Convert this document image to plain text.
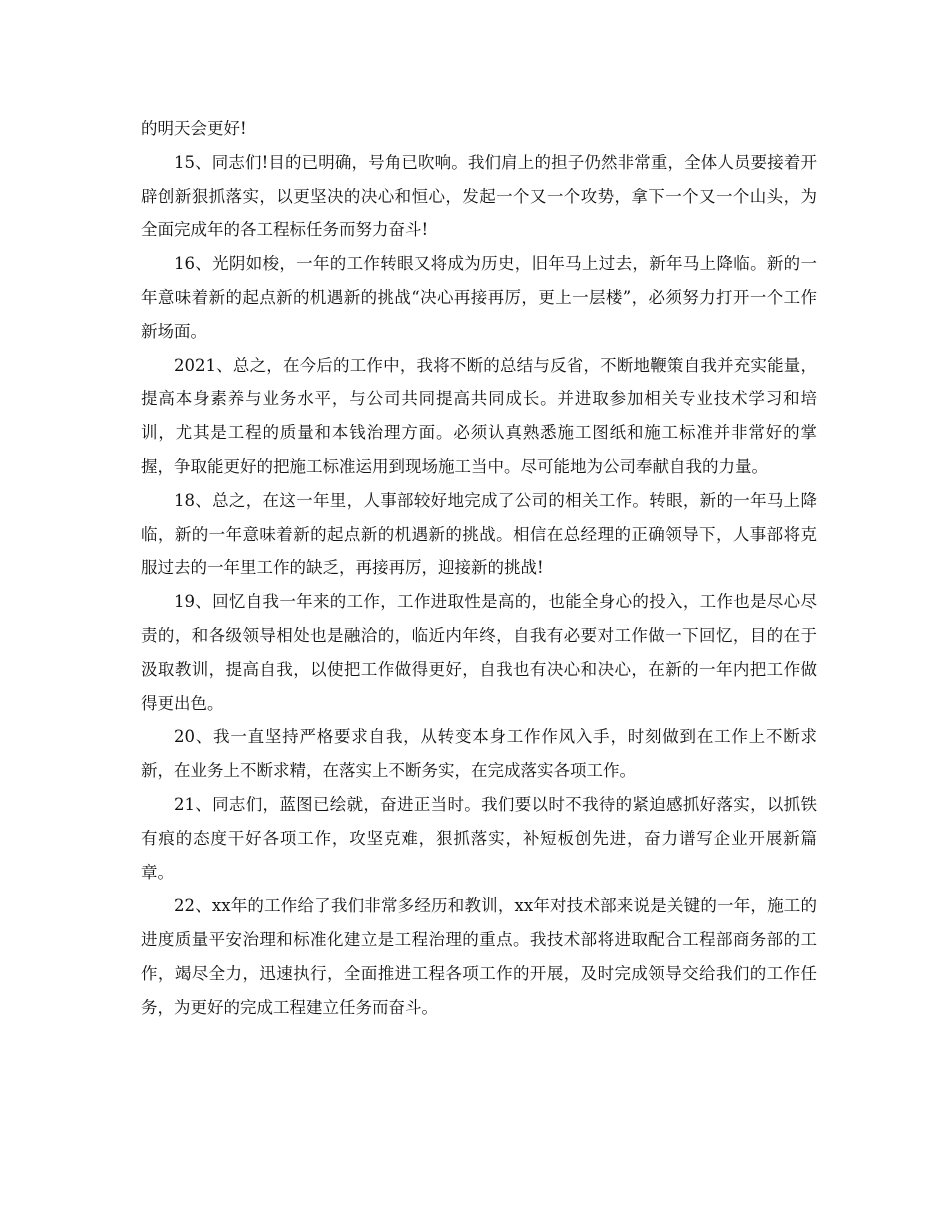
的明天会更好!

15、同志们!目的已明确，号角已吹响。我们肩上的担子仍然非常重，全体人员要接着开辟创新狠抓落实，以更坚决的决心和恒心，发起一个又一个攻势，拿下一个又一个山头，为全面完成年的各工程标任务而努力奋斗!

16、光阴如梭，一年的工作转眼又将成为历史，旧年马上过去，新年马上降临。新的一年意味着新的起点新的机遇新的挑战“决心再接再厉，更上一层楼”，必须努力打开一个工作新场面。

2021、总之，在今后的工作中，我将不断的总结与反省，不断地鞭策自我并充实能量，提高本身素养与业务水平，与公司共同提高共同成长。并进取参加相关专业技术学习和培训，尤其是工程的质量和本钱治理方面。必须认真熟悉施工图纸和施工标准并非常好的掌握，争取能更好的把施工标准运用到现场施工当中。尽可能地为公司奉献自我的力量。

18、总之，在这一年里，人事部较好地完成了公司的相关工作。转眼，新的一年马上降临，新的一年意味着新的起点新的机遇新的挑战。相信在总经理的正确领导下，人事部将克服过去的一年里工作的缺乏，再接再厉，迎接新的挑战!

19、回忆自我一年来的工作，工作进取性是高的，也能全身心的投入，工作也是尽心尽责的，和各级领导相处也是融洽的，临近内年终，自我有必要对工作做一下回忆，目的在于汲取教训，提高自我，以使把工作做得更好，自我也有决心和决心，在新的一年内把工作做得更出色。

20、我一直坚持严格要求自我，从转变本身工作作风入手，时刻做到在工作上不断求新，在业务上不断求精，在落实上不断务实，在完成落实各项工作。

21、同志们，蓝图已绘就，奋进正当时。我们要以时不我待的紧迫感抓好落实，以抓铁有痕的态度干好各项工作，攻坚克难，狠抓落实，补短板创先进，奋力谱写企业开展新篇章。

22、xx年的工作给了我们非常多经历和教训，xx年对技术部来说是关键的一年，施工的进度质量平安治理和标准化建立是工程治理的重点。我技术部将进取配合工程部商务部的工作，竭尽全力，迅速执行，全面推进工程各项工作的开展，及时完成领导交给我们的工作任务，为更好的完成工程建立任务而奋斗。
